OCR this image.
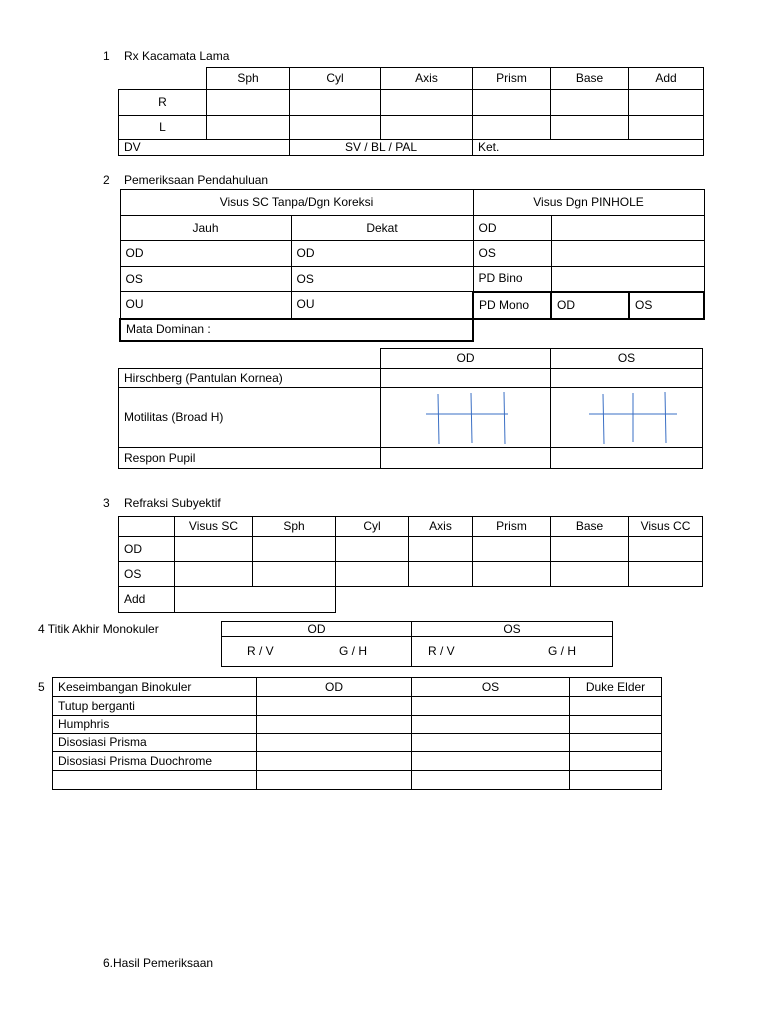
1 Rx Kacamata Lama
	Sph	Cyl	Axis	Prism	Base	Add
R						
L						
DV		SV / BL / PAL		Ket.		
2 Pemeriksaan Pendahuluan
Visus SC Tanpa/Dgn Koreksi		Visus Dgn PINHOLE		
Jauh	Dekat	OD		
OD	OD	OS		
OS	OS	PD Bino		
OU	OU	PD Mono	OD	OS
Mata Dominan :				
	OD	OS
Hirschberg (Pantulan Kornea)		
Motilitas (Broad H)	

Respon Pupil		
3 Refraksi Subyektif
	Visus SC	Sph	Cyl	Axis	Prism	Base	Visus CC
OD							
OS							
Add							
4 Titik Akhir Monokuler	OD	OS
R / V G / H	R / V G / H
5 Keseimbangan Binokuler	OD	OS	Duke Elder
Tutup berganti			
Humphris			
Disosiasi Prisma			
Disosiasi Prisma Duochrome			

6.Hasil Pemeriksaan
